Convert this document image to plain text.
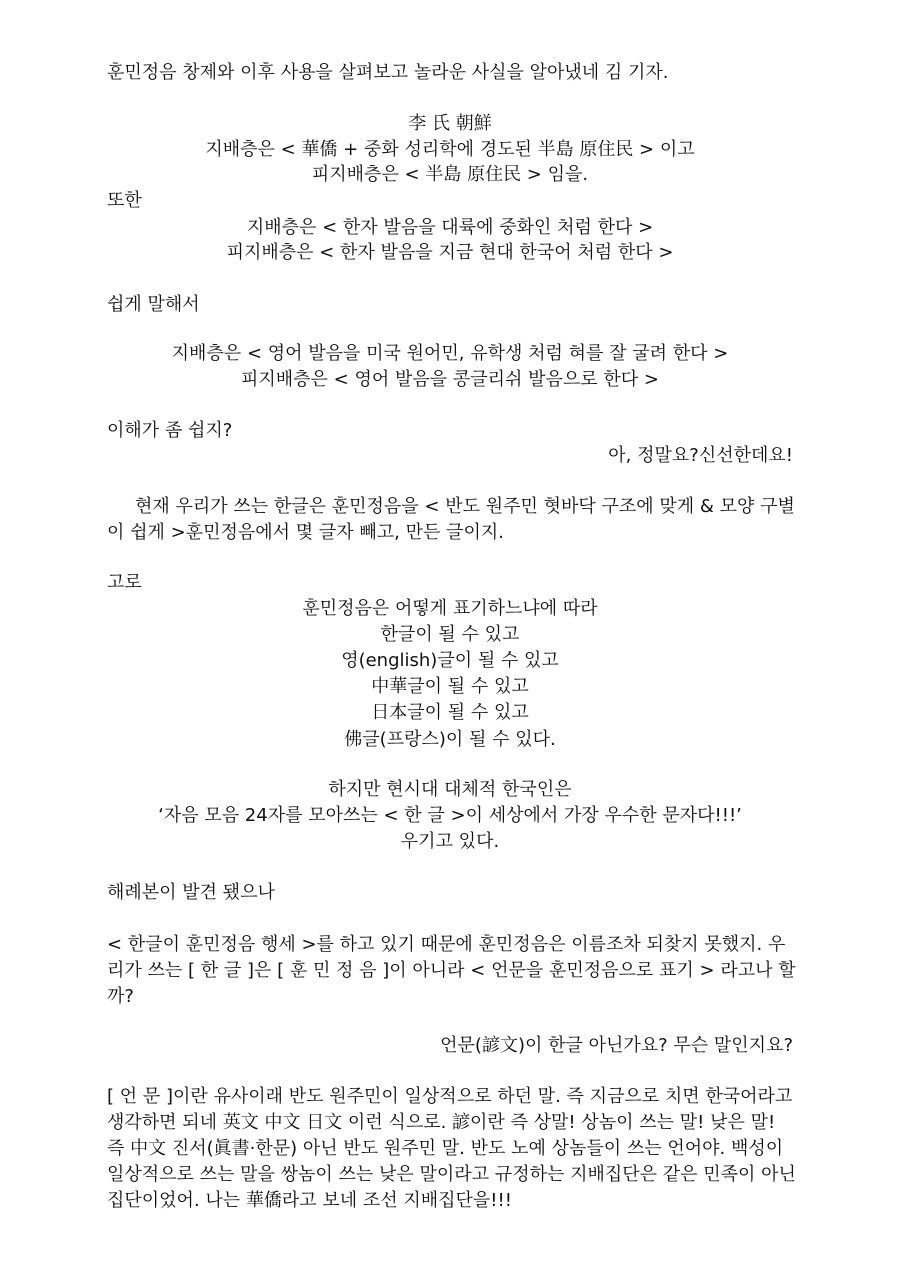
훈민정음 창제와 이후 사용을 살펴보고 놀라운 사실을 알아냈네 김 기자.
李 氏 朝鮮
지배층은 < 華僑 + 중화 성리학에 경도된 半島 原住民 > 이고
피지배층은 < 半島 原住民 > 임을.
또한
지배층은 < 한자 발음을 대륙에 중화인 처럼 한다 >
피지배층은 < 한자 발음을 지금 현대 한국어 처럼 한다 >
쉽게 말해서
지배층은 < 영어 발음을 미국 원어민, 유학생 처럼 혀를 잘 굴려 한다 >
피지배층은 < 영어 발음을 콩글리쉬 발음으로 한다 >
이해가 좀 쉽지?
아, 정말요?신선한데요!
현재 우리가 쓰는 한글은 훈민정음을 < 반도 원주민 혓바닥 구조에 맞게 & 모양 구별이 쉽게 >훈민정음에서 몇 글자 빼고, 만든 글이지.
고로
훈민정음은 어떻게 표기하느냐에 따라
한글이 될 수 있고
영(english)글이 될 수 있고
中華글이 될 수 있고
日本글이 될 수 있고
佛글(프랑스)이 될 수 있다.
하지만 현시대 대체적 한국인은
‘자음 모음 24자를 모아쓰는 < 한 글 >이 세상에서 가장 우수한 문자다!!!’
우기고 있다.
해례본이 발견 됐으나
< 한글이 훈민정음 행세 >를 하고 있기 때문에 훈민정음은 이름조차 되찾지 못했지. 우리가 쓰는 [ 한 글 ]은 [ 훈 민 정 음 ]이 아니라 < 언문을 훈민정음으로 표기 > 라고나 할까?
언문(諺文)이 한글 아닌가요? 무슨 말인지요?
[ 언 문 ]이란 유사이래 반도 원주민이 일상적으로 하던 말. 즉 지금으로 치면 한국어라고 생각하면 되네 英文 中文 日文 이런 식으로. 諺이란 즉 상말! 상놈이 쓰는 말! 낮은 말! 즉 中文 진서(眞書·한문) 아닌 반도 원주민 말. 반도 노예 상놈들이 쓰는 언어야. 백성이 일상적으로 쓰는 말을 쌍놈이 쓰는 낮은 말이라고 규정하는 지배집단은 같은 민족이 아닌 집단이었어. 나는 華僑라고 보네 조선 지배집단을!!!
